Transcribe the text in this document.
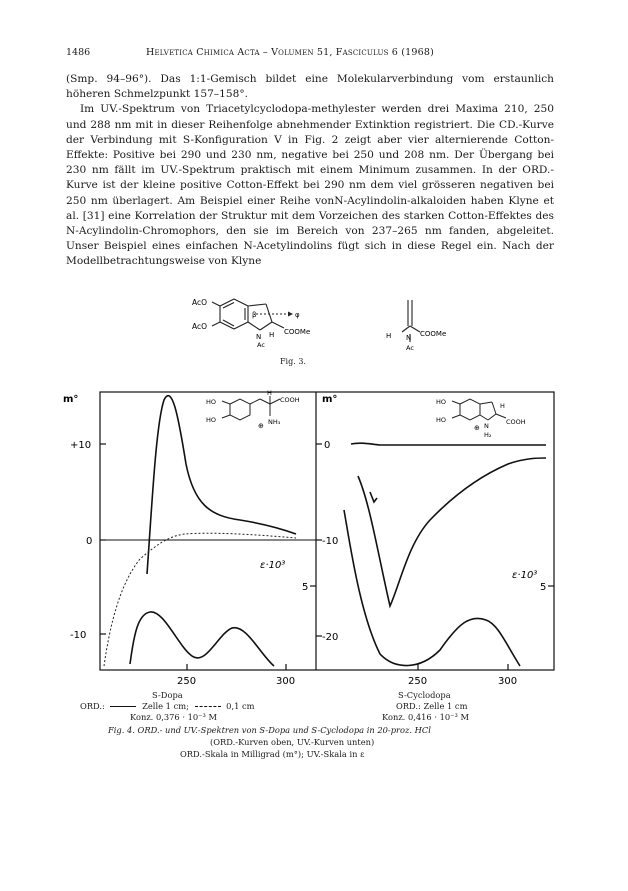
1486	Helvetica Chimica Acta – Volumen 51, Fasciculus 6 (1968)

(Smp. 94–96°). Das 1:1-Gemisch bildet eine Molekularverbindung vom erstaunlich höheren Schmelzpunkt 157–158°.

Im UV.-Spektrum von Triacetylcyclodopa-methylester werden drei Maxima 210, 250 und 288 nm mit in dieser Reihenfolge abnehmender Extinktion registriert. Die CD.-Kurve der Verbindung mit S-Konfiguration V in Fig. 2 zeigt aber vier alternierende Cotton-Effekte: Positive bei 290 und 230 nm, negative bei 250 und 208 nm. Der Übergang bei 230 nm fällt im UV.-Spektrum praktisch mit einem Minimum zusammen. In der ORD.-Kurve ist der kleine positive Cotton-Effekt bei 290 nm dem viel grösseren negativen bei 250 nm überlagert. Am Beispiel einer Reihe vonN-Acylindolin-alkaloiden haben Klyne et al. [31] eine Korrelation der Struktur mit dem Vorzeichen des starken Cotton-Effektes des N-Acylindolin-Chromophors, den sie im Bereich von 237–265 nm fanden, abgeleitet. Unser Beispiel eines einfachen N-Acetylindolins fügt sich in diese Regel ein. Nach der Modellbetrachtungsweise von Klyne

AcO
AcO
N H
Ac
COOMe
β	φ
H N COOMe
Ac
Fig. 3.
m°
+10
0
-10
ε·10³
5
m°
0
-10
-20
ε·10³
5
250	300	250	300
HO
HO
H
COOH
NH₃
⊕
HO
HO
H
N	COOH
H₂
⊕
S-Dopa
ORD.:	Zelle 1 cm;	0,1 cm
Konz. 0,376 · 10⁻³ M
S-Cyclodopa
ORD.: Zelle 1 cm
Konz. 0,416 · 10⁻³ M
Fig. 4. ORD.- und UV.-Spektren von S-Dopa und S-Cyclodopa in 20-proz. HCl
(ORD.-Kurven oben, UV.-Kurven unten)
ORD.-Skala in Milligrad (m°); UV.-Skala in ε
